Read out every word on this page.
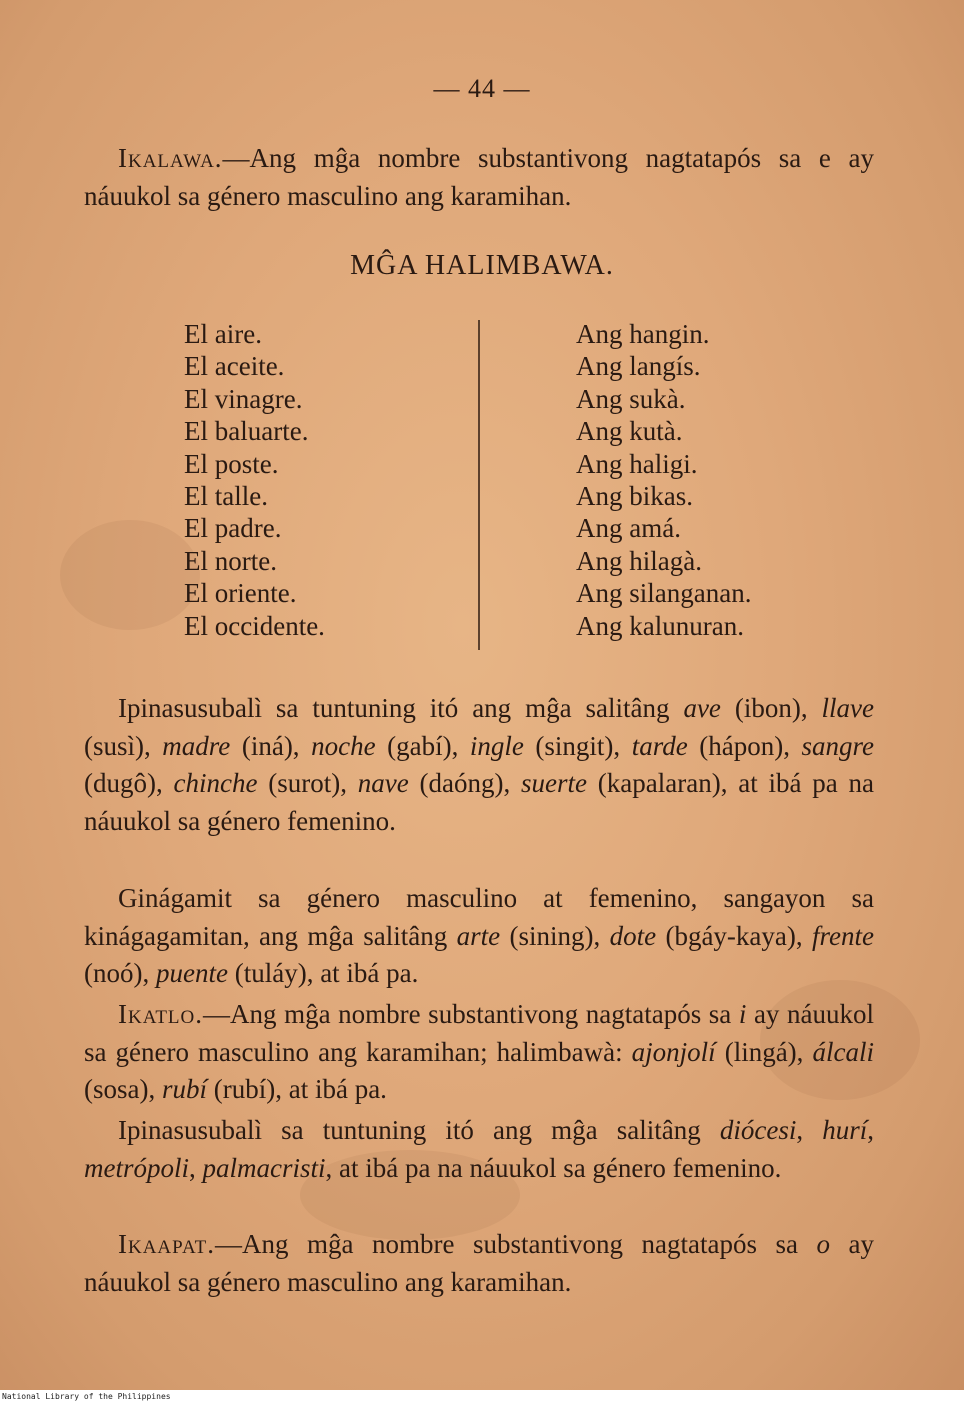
— 44 —

Ikalawa.—Ang mĝa nombre substantivong nagtatapós sa e ay náuukol sa género masculino ang karamihan.

MĜA HALIMBAWA.
El aire.
El aceite.
El vinagre.
El baluarte.
El poste.
El talle.
El padre.
El norte.
El oriente.
El occidente.
Ang hangin.
Ang langís.
Ang sukà.
Ang kutà.
Ang haligi.
Ang bikas.
Ang amá.
Ang hilagà.
Ang silanganan.
Ang kalunuran.

Ipinasusubalì sa tuntuning itó ang mĝa salitâng ave (ibon), llave (susì), madre (iná), noche (gabí), ingle (singit), tarde (hápon), sangre (dugô), chinche (surot), nave (daóng), suerte (kapalaran), at ibá pa na náuukol sa género femenino.

Ginágamit sa género masculino at femenino, sangayon sa kinágagamitan, ang mĝa salitâng arte (sining), dote (bgáy-kaya), frente (noó), puente (tuláy), at ibá pa.

Ikatlo.—Ang mĝa nombre substantivong nagtatapós sa i ay náuukol sa género masculino ang karamihan; halimbawà: ajonjolí (lingá), álcali (sosa), rubí (rubí), at ibá pa.

Ipinasusubalì sa tuntuning itó ang mĝa salitâng diócesi, hurí, metrópoli, palmacristi, at ibá pa na náuukol sa género femenino.

Ikaapat.—Ang mĝa nombre substantivong nagtatapós sa o ay náuukol sa género masculino ang karamihan.

National Library of the Philippines
